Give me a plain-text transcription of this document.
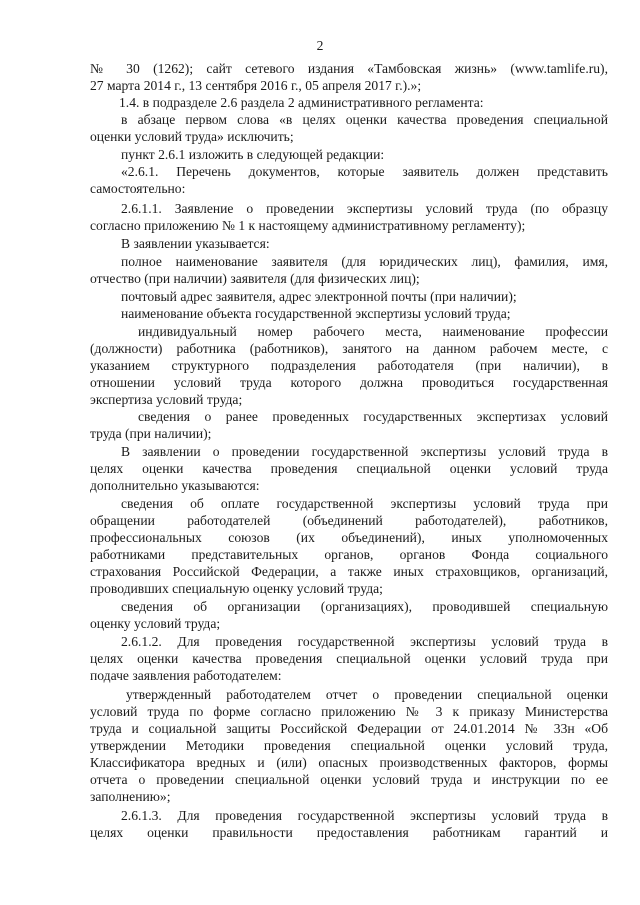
2
№ 30 (1262); сайт сетевого издания «Тамбовская жизнь» (www.tamlife.ru),
27 марта 2014 г., 13 сентября 2016 г., 05 апреля 2017 г.).»;
1.4. в подразделе 2.6 раздела 2 административного регламента:
в абзаце первом слова «в целях оценки качества проведения специальной
оценки условий труда» исключить;
пункт 2.6.1 изложить в следующей редакции:
«2.6.1. Перечень документов, которые заявитель должен представить
самостоятельно:
2.6.1.1. Заявление о проведении экспертизы условий труда (по образцу
согласно приложению № 1 к настоящему административному регламенту);
В заявлении указывается:
полное наименование заявителя (для юридических лиц), фамилия, имя,
отчество (при наличии) заявителя (для физических лиц);
почтовый адрес заявителя, адрес электронной почты (при наличии);
наименование объекта государственной экспертизы условий труда;
индивидуальный номер рабочего места, наименование профессии
(должности) работника (работников), занятого на данном рабочем месте, с
указанием структурного подразделения работодателя (при наличии), в
отношении условий труда которого должна проводиться государственная
экспертиза условий труда;
сведения о ранее проведенных государственных экспертизах условий
труда (при наличии);
В заявлении о проведении государственной экспертизы условий труда в
целях оценки качества проведения специальной оценки условий труда
дополнительно указываются:
сведения об оплате государственной экспертизы условий труда при
обращении работодателей (объединений работодателей), работников,
профессиональных союзов (их объединений), иных уполномоченных
работниками представительных органов, органов Фонда социального
страхования Российской Федерации, а также иных страховщиков, организаций,
проводивших специальную оценку условий труда;
сведения об организации (организациях), проводившей специальную
оценку условий труда;
2.6.1.2. Для проведения государственной экспертизы условий труда в
целях оценки качества проведения специальной оценки условий труда при
подаче заявления работодателем:
утвержденный работодателем отчет о проведении специальной оценки
условий труда по форме согласно приложению № 3 к приказу Министерства
труда и социальной защиты Российской Федерации от 24.01.2014 № 33н «Об
утверждении Методики проведения специальной оценки условий труда,
Классификатора вредных и (или) опасных производственных факторов, формы
отчета о проведении специальной оценки условий труда и инструкции по ее
заполнению»;
2.6.1.3. Для проведения государственной экспертизы условий труда в
целях оценки правильности предоставления работникам гарантий и
